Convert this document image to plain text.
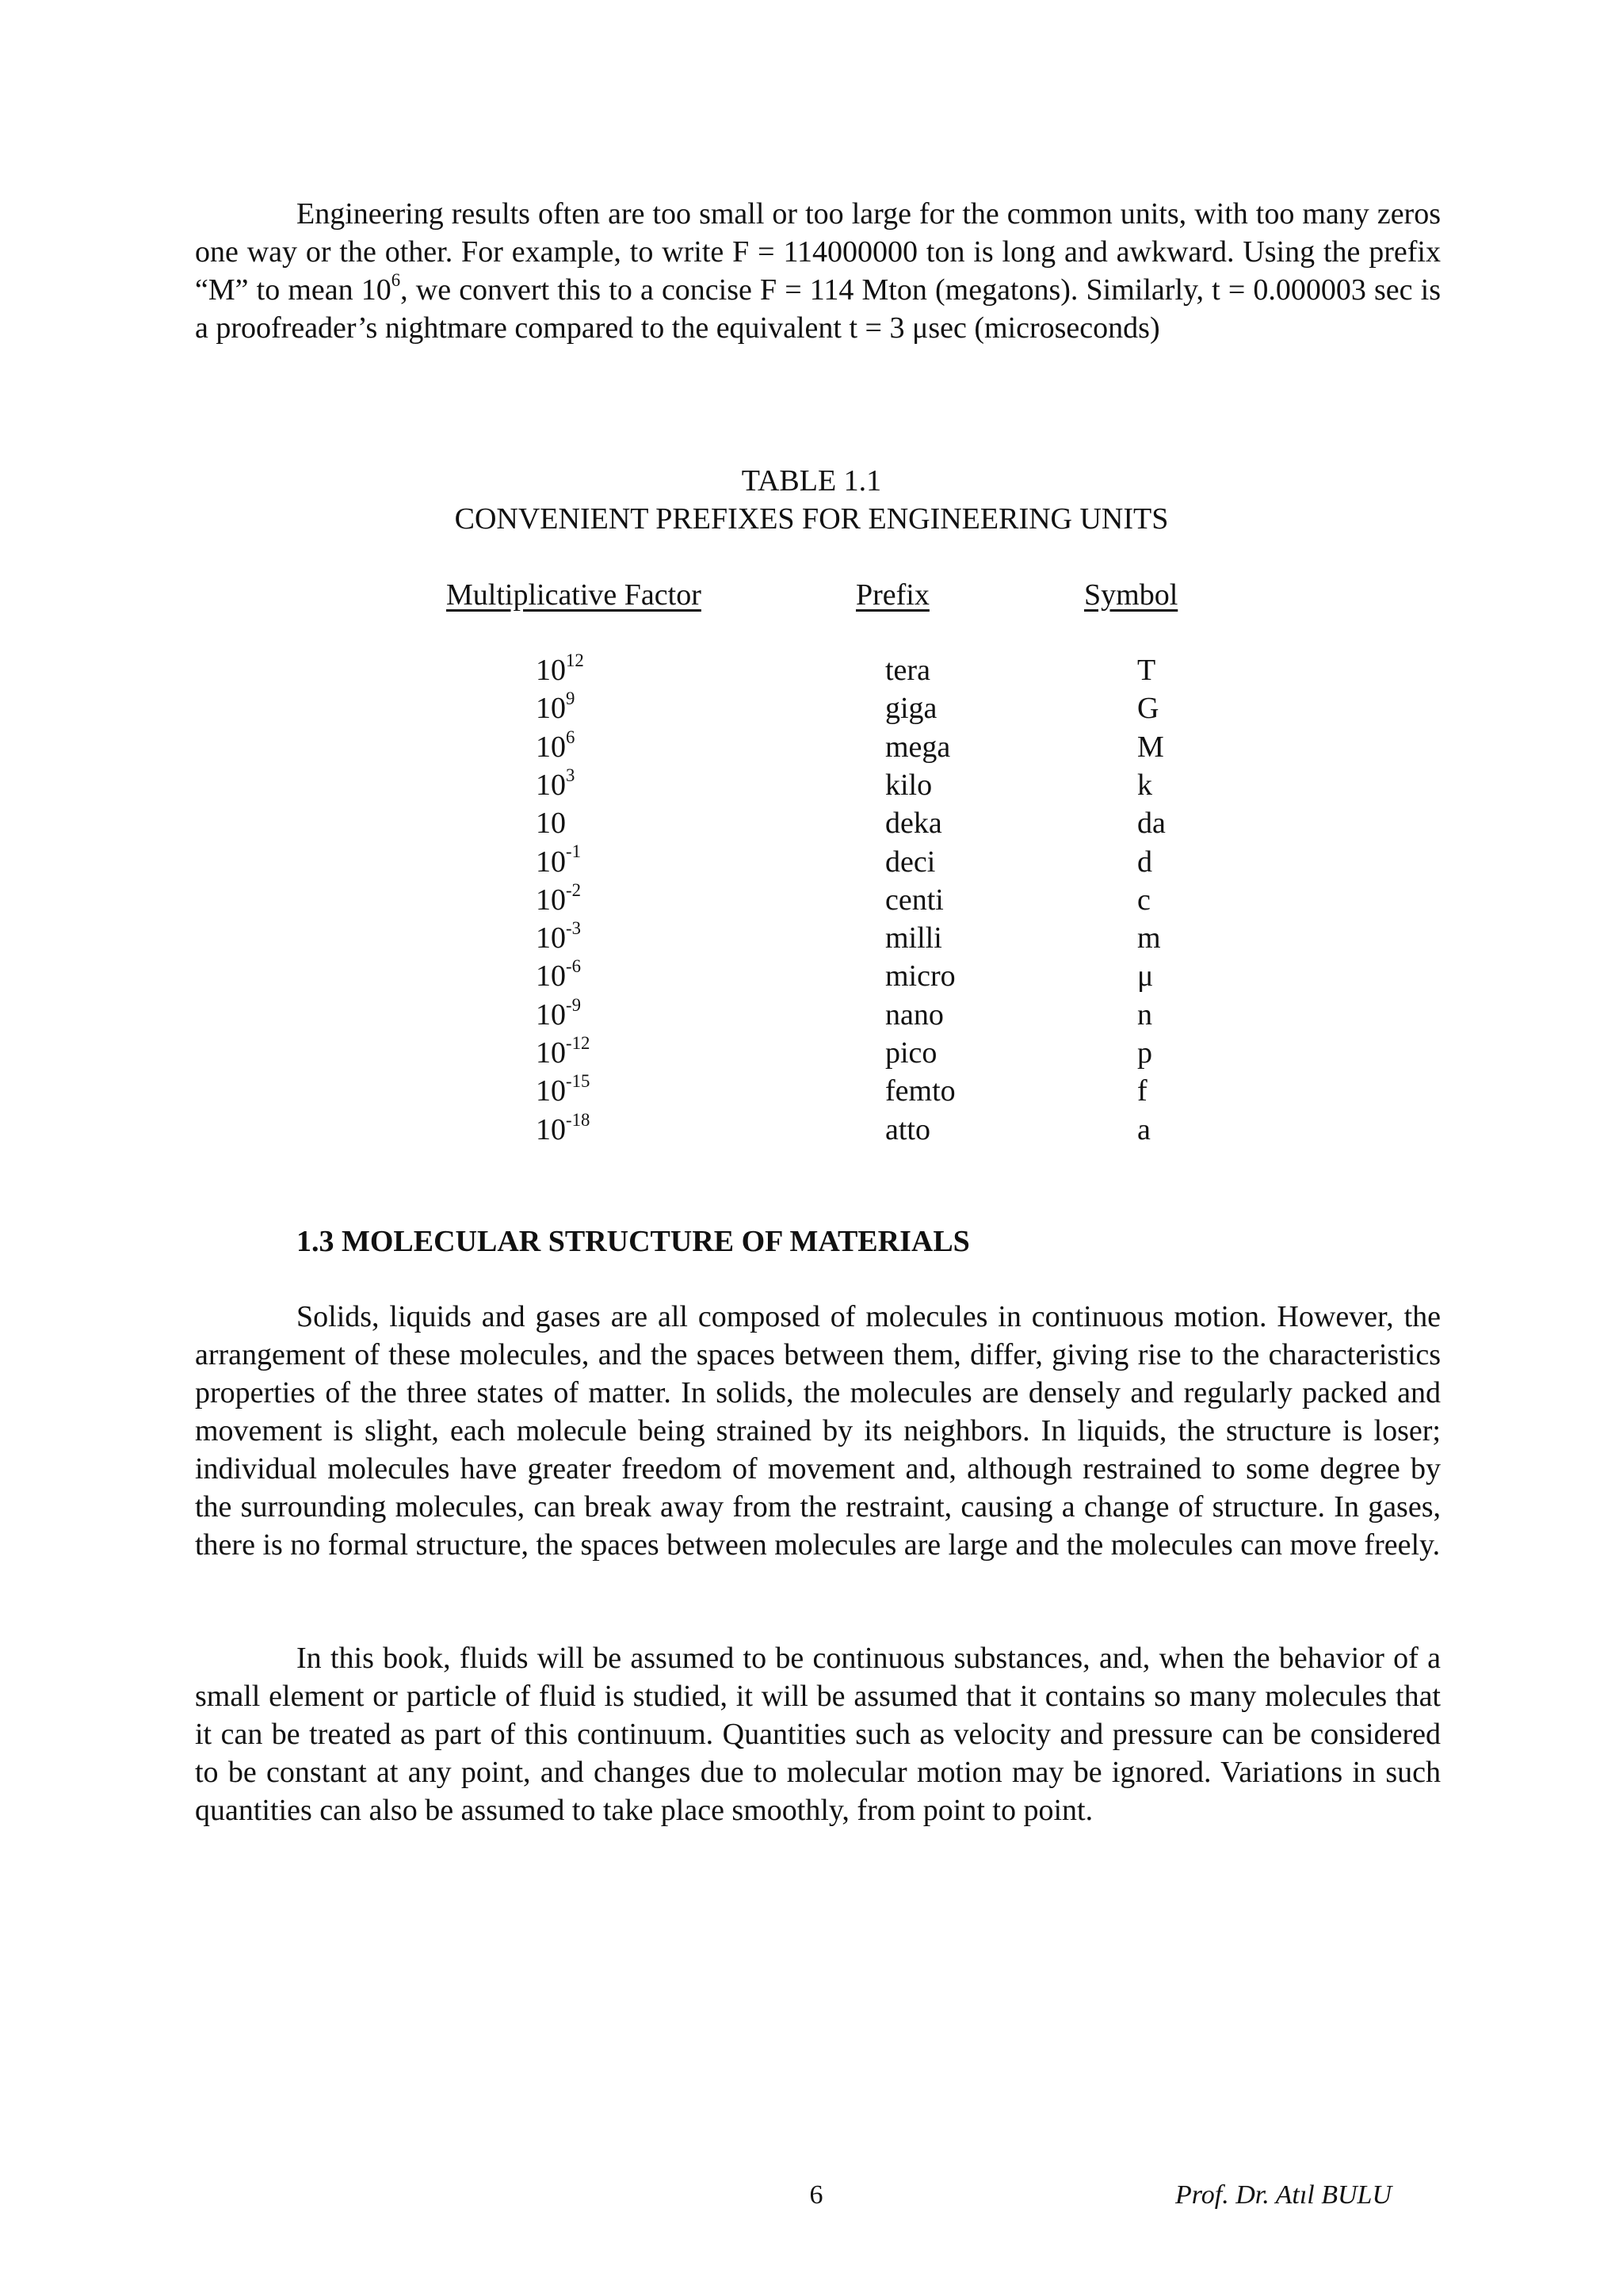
Engineering results often are too small or too large for the common units, with too many zeros one way or the other. For example, to write F = 114000000 ton is long and awkward. Using the prefix “M” to mean $10^6$, we convert this to a concise F = 114 Mton (megatons). Similarly, t = 0.000003 sec is a proofreader’s nightmare compared to the equivalent t = 3 μsec (microseconds)

TABLE 1.1

CONVENIENT PREFIXES FOR ENGINEERING UNITS

Multiplicative Factor	Prefix	Symbol

$10^{12}$	tera	T
$10^9$	giga	G
$10^6$	mega	M
$10^3$	kilo	k
10	deka	da
$10^{-1}$	deci	d
$10^{-2}$	centi	c
$10^{-3}$	milli	m
$10^{-6}$	micro	μ
$10^{-9}$	nano	n
$10^{-12}$	pico	p
$10^{-15}$	femto	f
$10^{-18}$	atto	a

1.3 MOLECULAR STRUCTURE OF MATERIALS

Solids, liquids and gases are all composed of molecules in continuous motion. However, the arrangement of these molecules, and the spaces between them, differ, giving rise to the characteristics properties of the three states of matter. In solids, the molecules are densely and regularly packed and movement is slight, each molecule being strained by its neighbors. In liquids, the structure is loser; individual molecules have greater freedom of movement and, although restrained to some degree by the surrounding molecules, can break away from the restraint, causing a change of structure. In gases, there is no formal structure, the spaces between molecules are large and the molecules can move freely.

In this book, fluids will be assumed to be continuous substances, and, when the behavior of a small element or particle of fluid is studied, it will be assumed that it contains so many molecules that it can be treated as part of this continuum. Quantities such as velocity and pressure can be considered to be constant at any point, and changes due to molecular motion may be ignored. Variations in such quantities can also be assumed to take place smoothly, from point to point.

6	Prof. Dr. Atıl BULU
